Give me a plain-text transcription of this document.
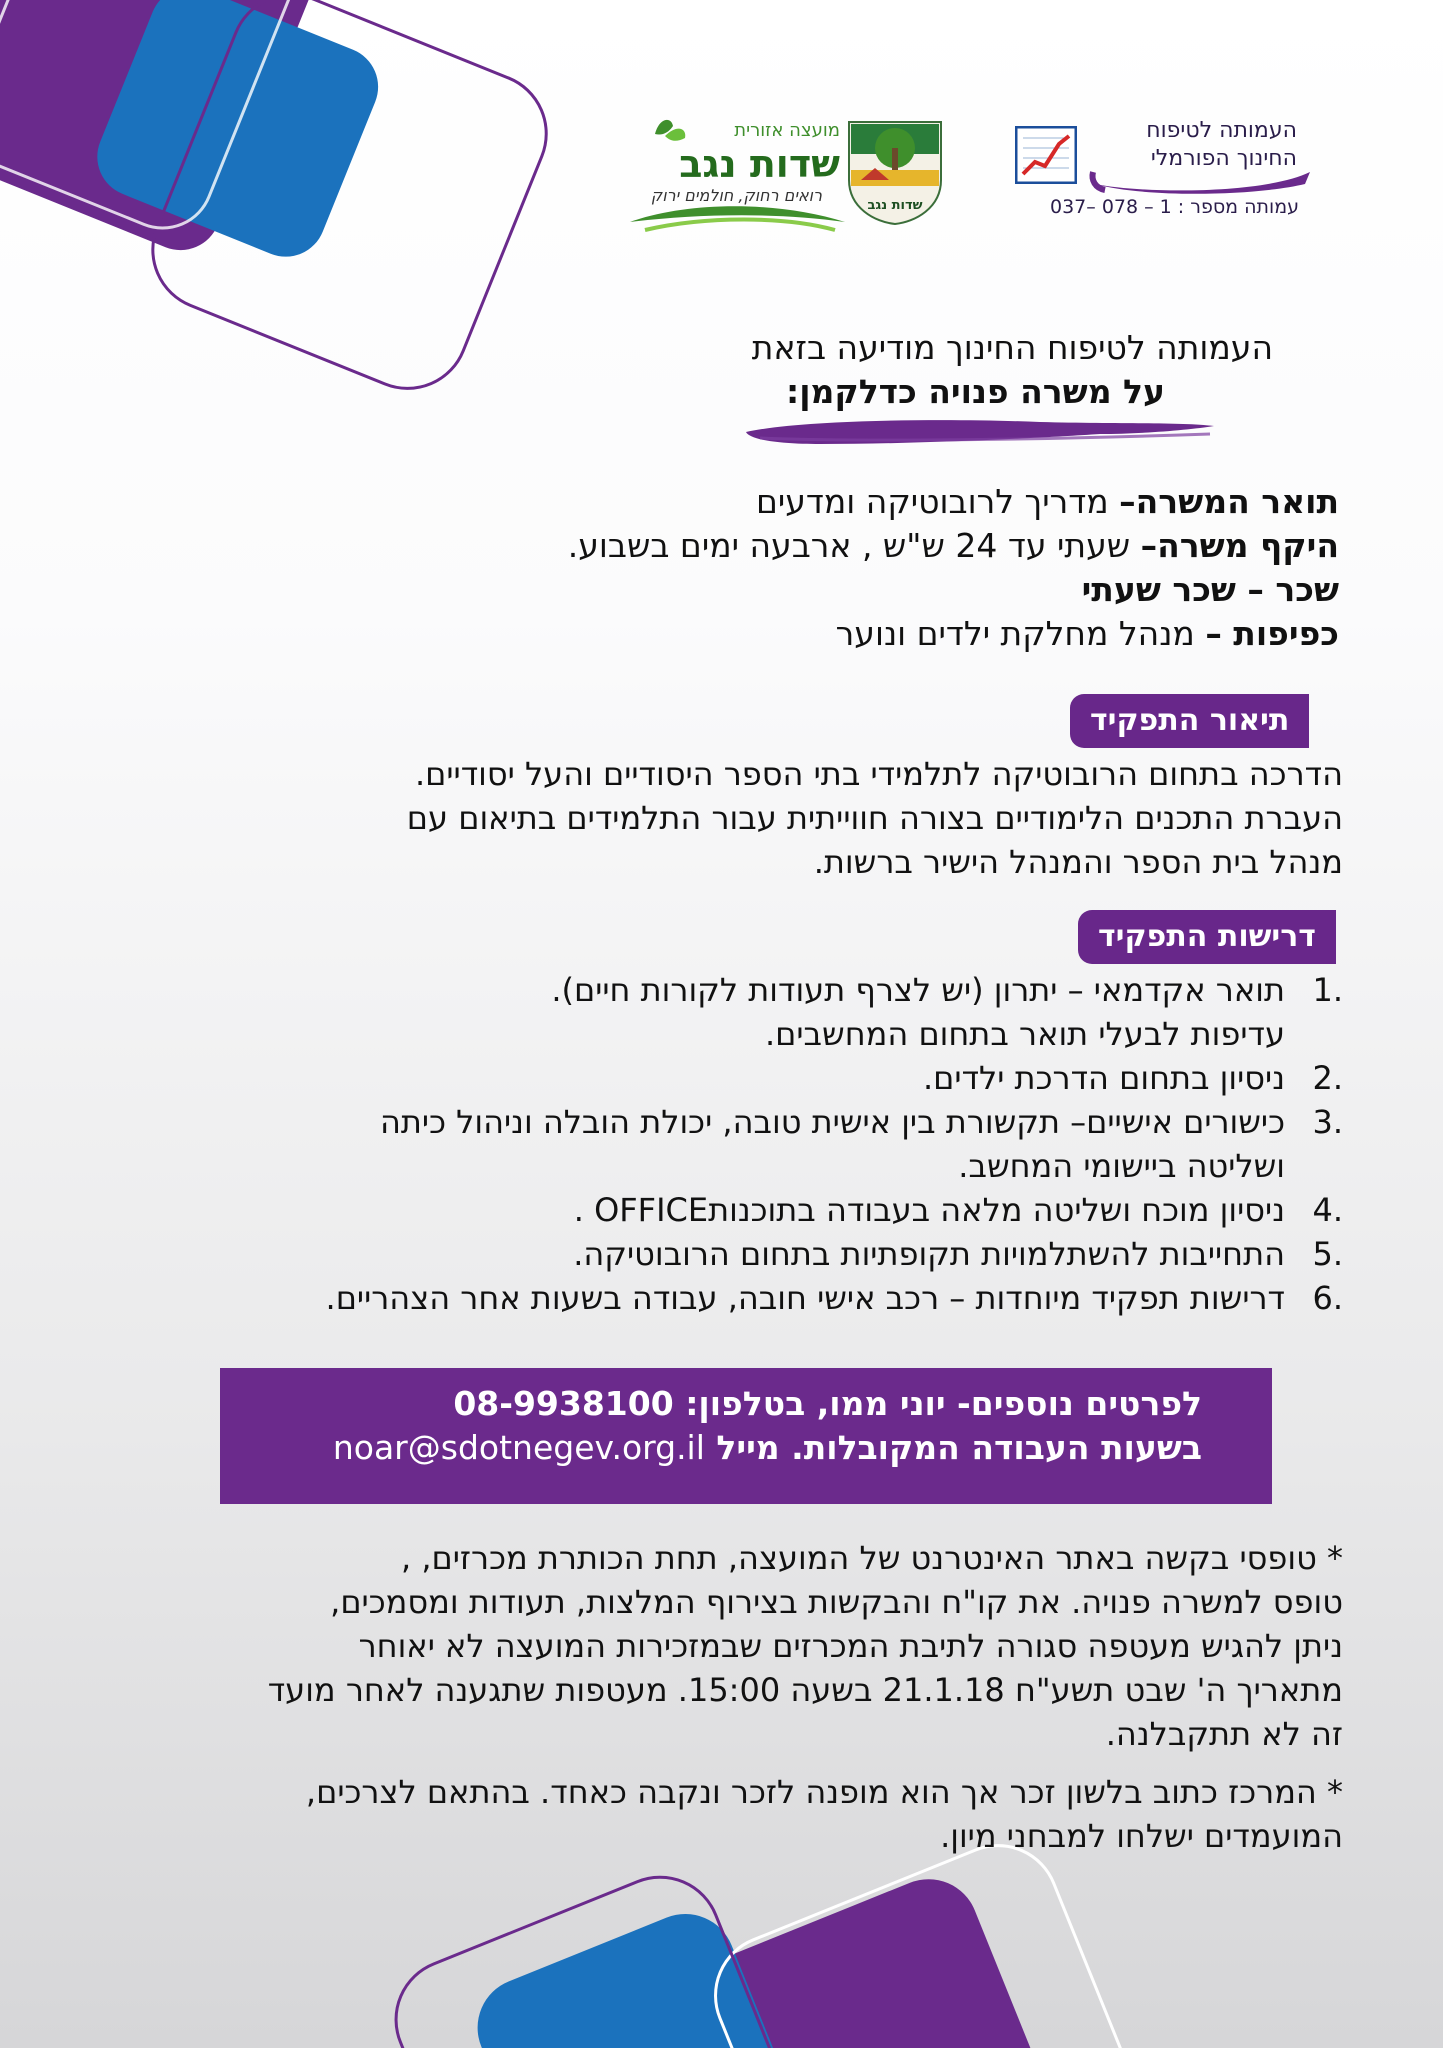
מועצה אזורית
שדות נגב
רואים רחוק, חולמים ירוק
שדות נגב
העמותה לטיפוח
החינוך הפורמלי
עמותה מספר : 1 – 078 –037
העמותה לטיפוח החינוך מודיעה בזאת
על משרה פנויה כדלקמן:
תואר המשרה– מדריך לרובוטיקה ומדעים
היקף משרה– שעתי עד 24 ש"ש , ארבעה ימים בשבוע.
שכר – שכר שעתי
כפיפות – מנהל מחלקת ילדים ונוער
תיאור התפקיד
הדרכה בתחום הרובוטיקה לתלמידי בתי הספר היסודיים והעל יסודיים.
העברת התכנים הלימודיים בצורה חווייתית עבור התלמידים בתיאום עם
מנהל בית הספר והמנהל הישיר ברשות.
דרישות התפקיד
1.
תואר אקדמאי – יתרון (יש לצרף תעודות לקורות חיים).
עדיפות לבעלי תואר בתחום המחשבים.
2.
ניסיון בתחום הדרכת ילדים.
3.
כישורים אישיים– תקשורת בין אישית טובה, יכולת הובלה וניהול כיתה
ושליטה ביישומי המחשב.
4.
ניסיון מוכח ושליטה מלאה בעבודה בתוכנותOFFICE .
5.
התחייבות להשתלמויות תקופתיות בתחום הרובוטיקה.
6.
דרישות תפקיד מיוחדות – רכב אישי חובה, עבודה בשעות אחר הצהריים.
לפרטים נוספים- יוני ממו, בטלפון: 08-9938100
בשעות העבודה המקובלות. מייל noar@sdotnegev.org.il
* טופסי בקשה באתר האינטרנט של המועצה, תחת הכותרת מכרזים, ,
טופס למשרה פנויה. את קו"ח והבקשות בצירוף המלצות, תעודות ומסמכים,
ניתן להגיש מעטפה סגורה לתיבת המכרזים שבמזכירות המועצה לא יאוחר
מתאריך ה' שבט תשע"ח 21.1.18 בשעה 15:00. מעטפות שתגענה לאחר מועד
זה לא תתקבלנה.
* המרכז כתוב בלשון זכר אך הוא מופנה לזכר ונקבה כאחד. בהתאם לצרכים,
המועמדים ישלחו למבחני מיון.
